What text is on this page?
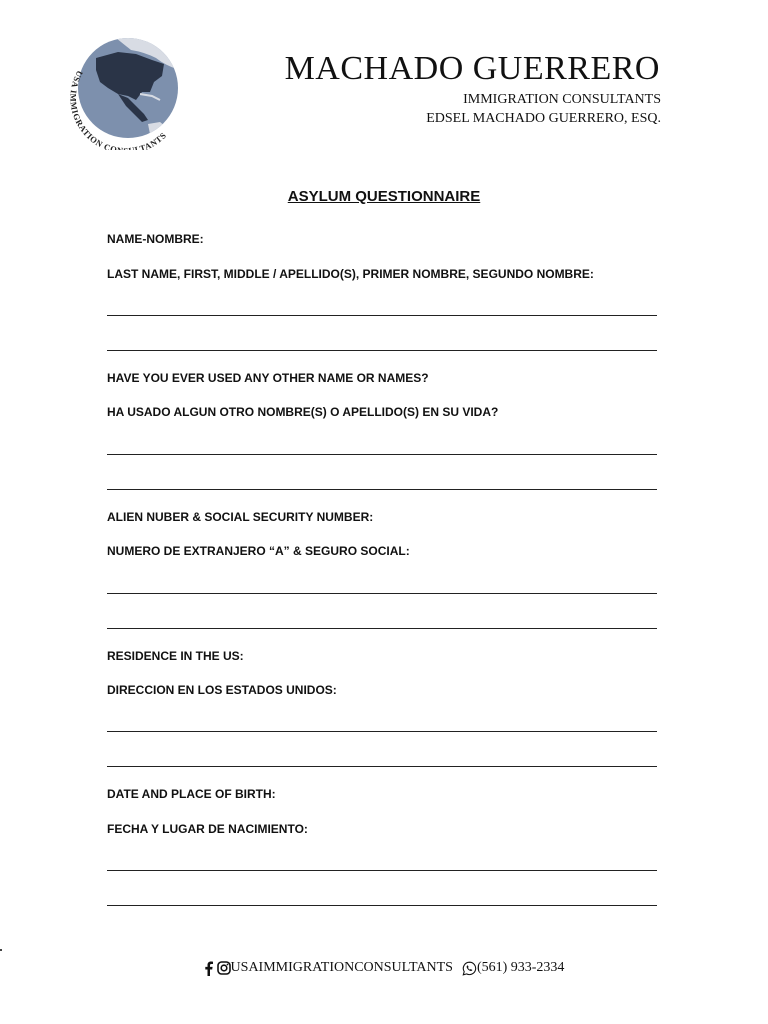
USA IMMIGRATION CO LTANTS
MACHADO GUERRERO
IMMIGRATION CONSULTANTS
EDSEL MACHADO GUERRERO, ESQ.
ASYLUM QUESTIONNAIRE
NAME-NOMBRE:
LAST NAME, FIRST, MIDDLE / APELLIDO(S), PRIMER NOMBRE, SEGUNDO NOMBRE:
HAVE YOU EVER USED ANY OTHER NAME OR NAMES?
HA USADO ALGUN OTRO NOMBRE(S) O APELLIDO(S) EN SU VIDA?
ALIEN NUBER & SOCIAL SECURITY NUMBER:
NUMERO DE EXTRANJERO “A” & SEGURO SOCIAL:
RESIDENCE IN THE US:
DIRECCION EN LOS ESTADOS UNIDOS:
DATE AND PLACE OF BIRTH:
FECHA Y LUGAR DE NACIMIENTO:
USAIMMIGRATIONCONSULTANTS (561) 933-2334
